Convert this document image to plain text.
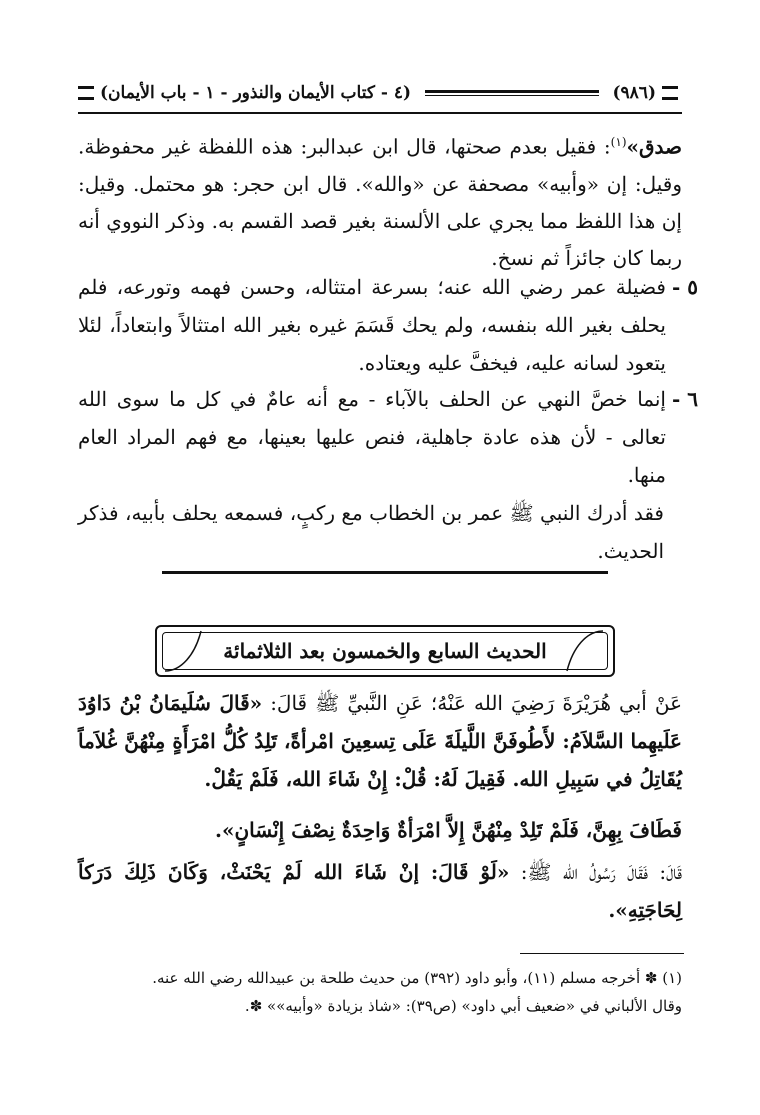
(٩٨٦)
(٤ - كتاب الأيمان والنذور - ١ - باب الأيمان)
صدق»$^{(١)}$: فقيل بعدم صحتها، قال ابن عبدالبر: هذه اللفظة غير محفوظة. وقيل: إن «وأبيه» مصحفة عن «والله». قال ابن حجر: هو محتمل. وقيل: إن هذا اللفظ مما يجري على الألسنة بغير قصد القسم به. وذكر النووي أنه ربما كان جائزاً ثم نسخ.
٥ -
فضيلة عمر رضي الله عنه؛ بسرعة امتثاله، وحسن فهمه وتورعه، فلم يحلف بغير الله بنفسه، ولم يحك قَسَمَ غيره بغير الله امتثالاً وابتعاداً، لئلا يتعود لسانه عليه، فيخفَّ عليه ويعتاده.
٦ -
إنما خصَّ النهي عن الحلف بالآباء - مع أنه عامٌ في كل ما سوى الله تعالى - لأن هذه عادة جاهلية، فنص عليها بعينها، مع فهم المراد العام منها.
فقد أدرك النبي ﷺ عمر بن الخطاب مع ركبٍ، فسمعه يحلف بأبيه، فذكر الحديث.
الحديث السابع والخمسون بعد الثلاثمائة
عَنْ أبي هُرَيْرَةَ رَضِيَ الله عَنْهُ؛ عَنِ النَّبيِّ ﷺ قَالَ: «قَالَ سُلَيمَانُ بْنُ دَاوُدَ عَلَيهِما السَّلاَمُ: لأَطُوفَنَّ اللَّيلَةَ عَلَى تِسعِينَ امْرأةً، تَلِدُ كُلُّ امْرَأَةٍ مِنْهُنَّ غُلاَماً يُقَاتِلُ في سَبِيلِ الله. فَقِيلَ لَهُ: قُلْ: إِنْ شَاءَ الله، فَلَمْ يَقُلْ.
فَطَافَ بِهِنَّ، فَلَمْ تَلِدْ مِنْهُنَّ إِلاَّ امْرَأةٌ وَاحِدَةٌ نِصْفَ إِنْسَانٍ».
قَالَ: فَقَالَ رَسُولُ الله ﷺ: «لَوْ قَالَ: إنْ شَاءَ الله لَمْ يَحْنَثْ، وَكَانَ ذَلِكَ دَرَكاً لِحَاجَتِهِ».

(١) ✽ أخرجه مسلم (١١)، وأبو داود (٣٩٢) من حديث طلحة بن عبيدالله رضي الله عنه.

وقال الألباني في «ضعيف أبي داود» (ص٣٩): «شاذ بزيادة «وأبيه»» ✽.
